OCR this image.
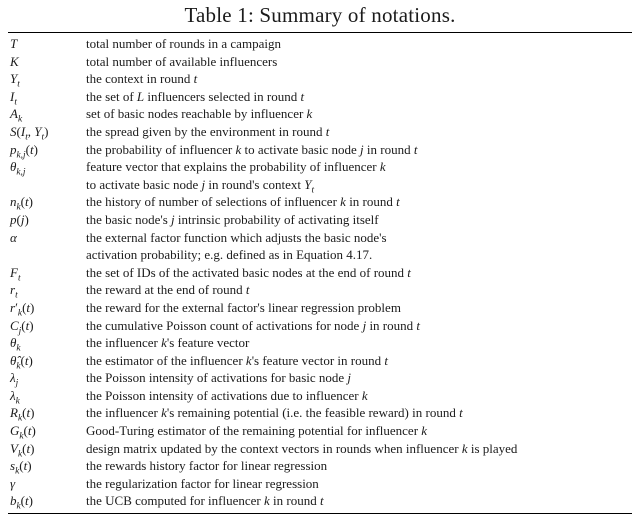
Table 1: Summary of notations.
T	total number of rounds in a campaign
K	total number of available influencers
$Y_t$	the context in round t
$I_t$	the set of L influencers selected in round t
$A_k$	set of basic nodes reachable by influencer k
$S(I_t$, $Y_t$)	the spread given by the environment in round t
$p_{k,j}(t)$	the probability of influencer k to activate basic node j in round t
$\theta_{k,j}$	feature vector that explains the probability of influencer k
to activate basic node j in round's context $Y_t$
$n_k(t)$	the history of number of selections of influencer k in round t
p(j)	the basic node's j intrinsic probability of activating itself
α	the external factor function which adjusts the basic node's
activation probability; e.g. defined as in Equation 4.17.
$F_t$	the set of IDs of the activated basic nodes at the end of round t
$r_t$	the reward at the end of round t
$r'_k(t)$	the reward for the external factor's linear regression problem
$C_j(t)$	the cumulative Poisson count of activations for node j in round t
$\theta_k$	the influencer k's feature vector
$\thetâ_k(t)$	the estimator of the influencer k's feature vector in round t
$\lambda_j$	the Poisson intensity of activations for basic node j
$\lambda_k$	the Poisson intensity of activations due to influencer k
$R_k(t)$	the influencer k's remaining potential (i.e. the feasible reward) in round t
$G_k(t)$	Good-Turing estimator of the remaining potential for influencer k
$V_k(t)$	design matrix updated by the context vectors in rounds when influencer k is played
$s_k(t)$	the rewards history factor for linear regression
γ	the regularization factor for linear regression
$b_k(t)$	the UCB computed for influencer k in round t
